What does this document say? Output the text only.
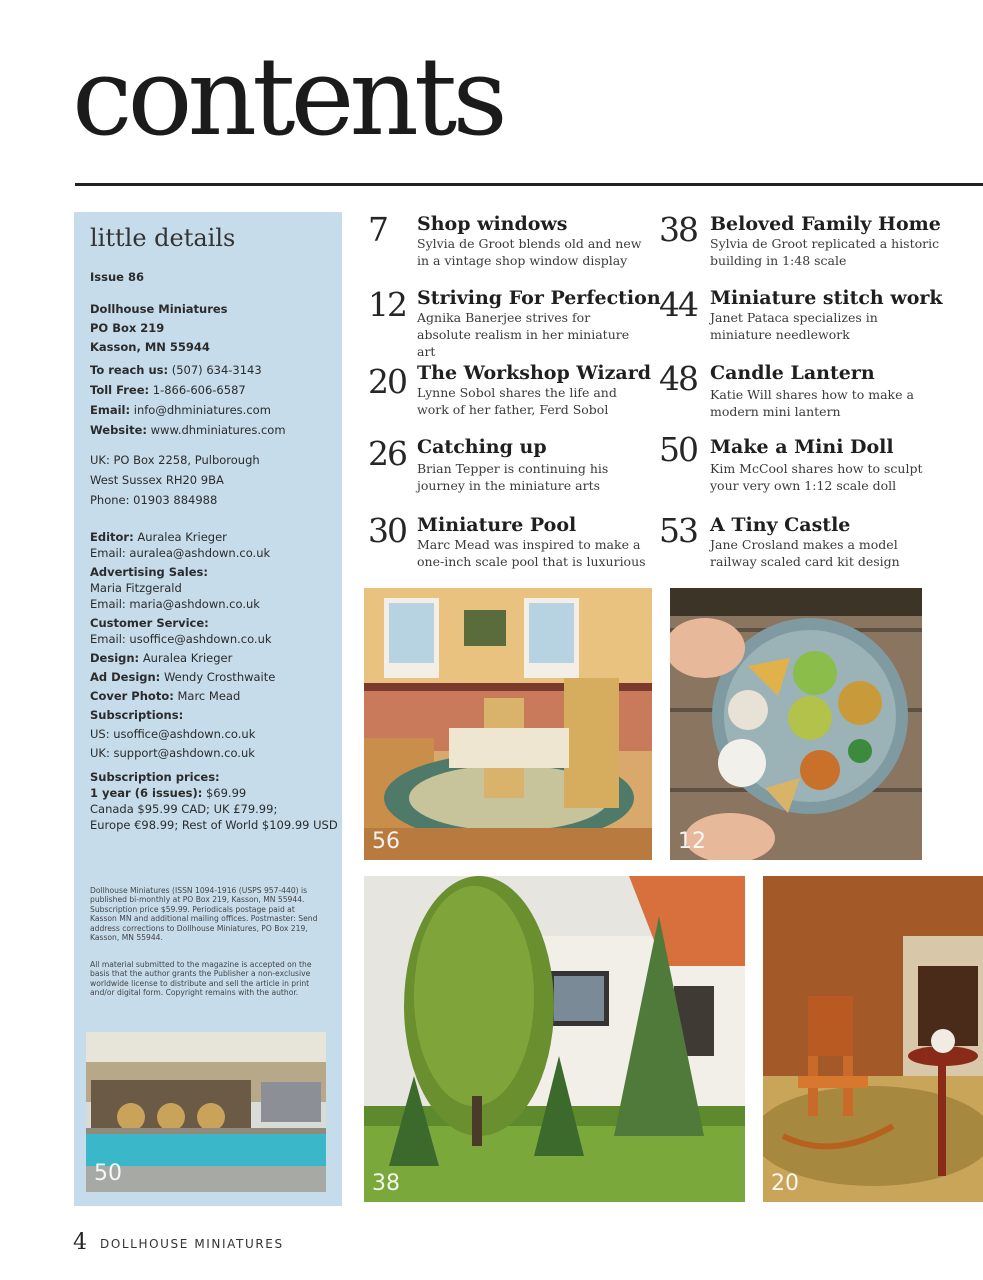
contents
little details
Issue 86
Dollhouse Miniatures
PO Box 219
Kasson, MN 55944
To reach us: (507) 634-3143
Toll Free: 1-866-606-6587
Email: info@dhminiatures.com
Website: www.dhminiatures.com
UK: PO Box 2258, Pulborough
West Sussex RH20 9BA
Phone: 01903 884988
Editor: Auralea Krieger
Email: auralea@ashdown.co.uk
Advertising Sales:
Maria Fitzgerald
Email: maria@ashdown.co.uk
Customer Service:
Email: usoffice@ashdown.co.uk
Design: Auralea Krieger
Ad Design: Wendy Crosthwaite
Cover Photo: Marc Mead
Subscriptions:
US: usoffice@ashdown.co.uk
UK: support@ashdown.co.uk
Subscription prices:
1 year (6 issues): $69.99
Canada $95.99 CAD; UK £79.99;
Europe €98.99; Rest of World $109.99 USD
Dollhouse Miniatures (ISSN 1094-1916 (USPS 957-440) is published bi-monthly at PO Box 219, Kasson, MN 55944. Subscription price $59.99. Periodicals postage paid at Kasson MN and additional mailing offices. Postmaster: Send address corrections to Dollhouse Miniatures, PO Box 219, Kasson, MN 55944.
All material submitted to the magazine is accepted on the basis that the author grants the Publisher a non-exclusive worldwide license to distribute and sell the article in print and/or digital form. Copyright remains with the author.
50
7 Shop windows
Sylvia de Groot blends old and new in a vintage shop window display
12 Striving For Perfection
Agnika Banerjee strives for absolute realism in her miniature art
20 The Workshop Wizard
Lynne Sobol shares the life and work of her father, Ferd Sobol
26 Catching up
Brian Tepper is continuing his journey in the miniature arts
30 Miniature Pool
Marc Mead was inspired to make a one-inch scale pool that is luxurious
38 Beloved Family Home
Sylvia de Groot replicated a historic building in 1:48 scale
44 Miniature stitch work
Janet Pataca specializes in miniature needlework
48 Candle Lantern
Katie Will shares how to make a modern mini lantern
50 Make a Mini Doll
Kim McCool shares how to sculpt your very own 1:12 scale doll
53 A Tiny Castle
Jane Crosland makes a model railway scaled card kit design
56	12
38	20
4 DOLLHOUSE MINIATURES
